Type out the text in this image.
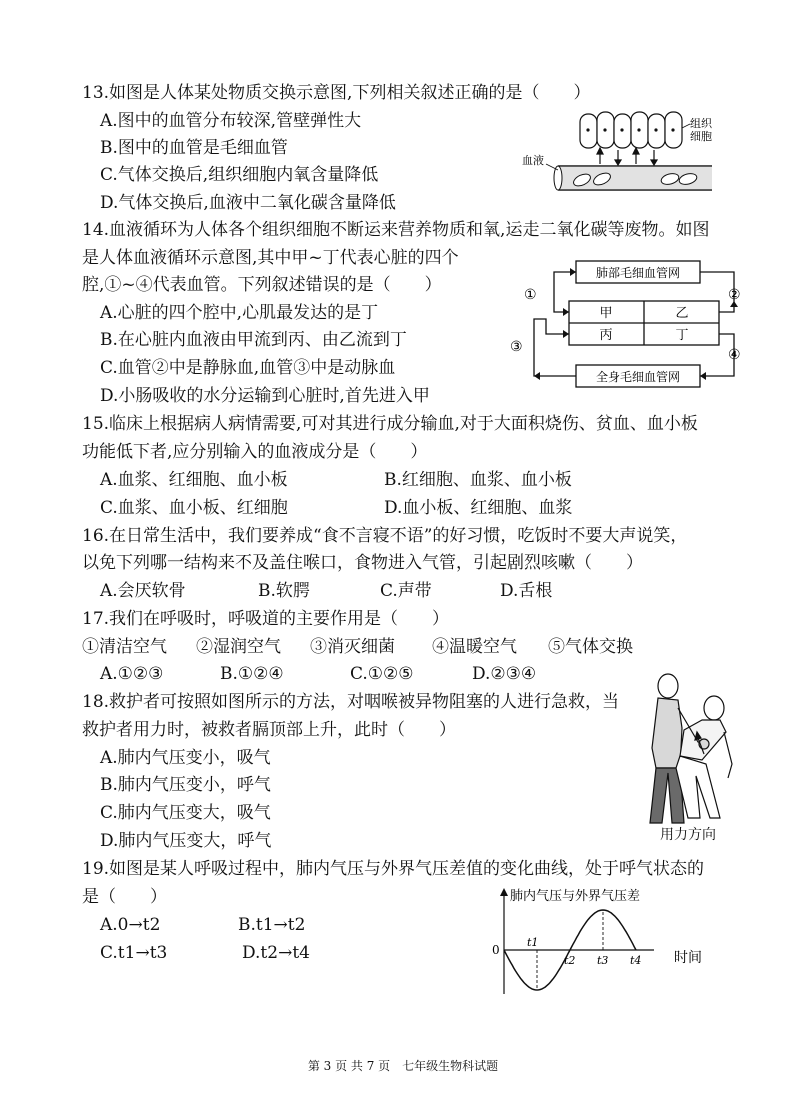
13.如图是人体某处物质交换示意图,下列相关叙述正确的是（　　）
A.图中的血管分布较深,管壁弹性大
B.图中的血管是毛细血管
C.气体交换后,组织细胞内氧含量降低
D.气体交换后,血液中二氧化碳含量降低
组织
细胞
血液
14.血液循环为人体各个组织细胞不断运来营养物质和氧,运走二氧化碳等废物。如图
是人体血液循环示意图,其中甲~丁代表心脏的四个
腔,①~④代表血管。下列叙述错误的是（　　）
A.心脏的四个腔中,心肌最发达的是丁
B.在心脏内血液由甲流到丙、由乙流到丁
C.血管②中是静脉血,血管③中是动脉血
D.小肠吸收的水分运输到心脏时,首先进入甲
肺部毛细血管网
全身毛细血管网
甲	乙
丙	丁
①	②
③	④
15.临床上根据病人病情需要,可对其进行成分输血,对于大面积烧伤、贫血、血小板
功能低下者,应分别输入的血液成分是（　　）
A.血浆、红细胞、血小板	B.红细胞、血浆、血小板
C.血浆、血小板、红细胞	D.血小板、红细胞、血浆
16.在日常生活中，我们要养成“食不言寝不语”的好习惯，吃饭时不要大声说笑，
以免下列哪一结构来不及盖住喉口，食物进入气管，引起剧烈咳嗽（　　）
A.会厌软骨	B.软腭	C.声带	D.舌根
17.我们在呼吸时，呼吸道的主要作用是（　　）
①清洁空气 ②湿润空气 ③消灭细菌 ④温暖空气 ⑤气体交换
A.①②③	B.①②④	C.①②⑤	D.②③④
18.救护者可按照如图所示的方法，对咽喉被异物阻塞的人进行急救，当
救护者用力时，被救者膈顶部上升，此时（　　）
A.肺内气压变小，吸气
B.肺内气压变小，呼气
C.肺内气压变大，吸气
D.肺内气压变大，呼气	用力方向
19.如图是某人呼吸过程中，肺内气压与外界气压差值的变化曲线，处于呼气状态的
是（　　）
A.0→t2	B.t1→t2
C.t1→t3	D.t2→t4
肺内气压与外界气压差
时间
0
t1
t2 t3 t4
第 3 页 共 7 页　七年级生物科试题
